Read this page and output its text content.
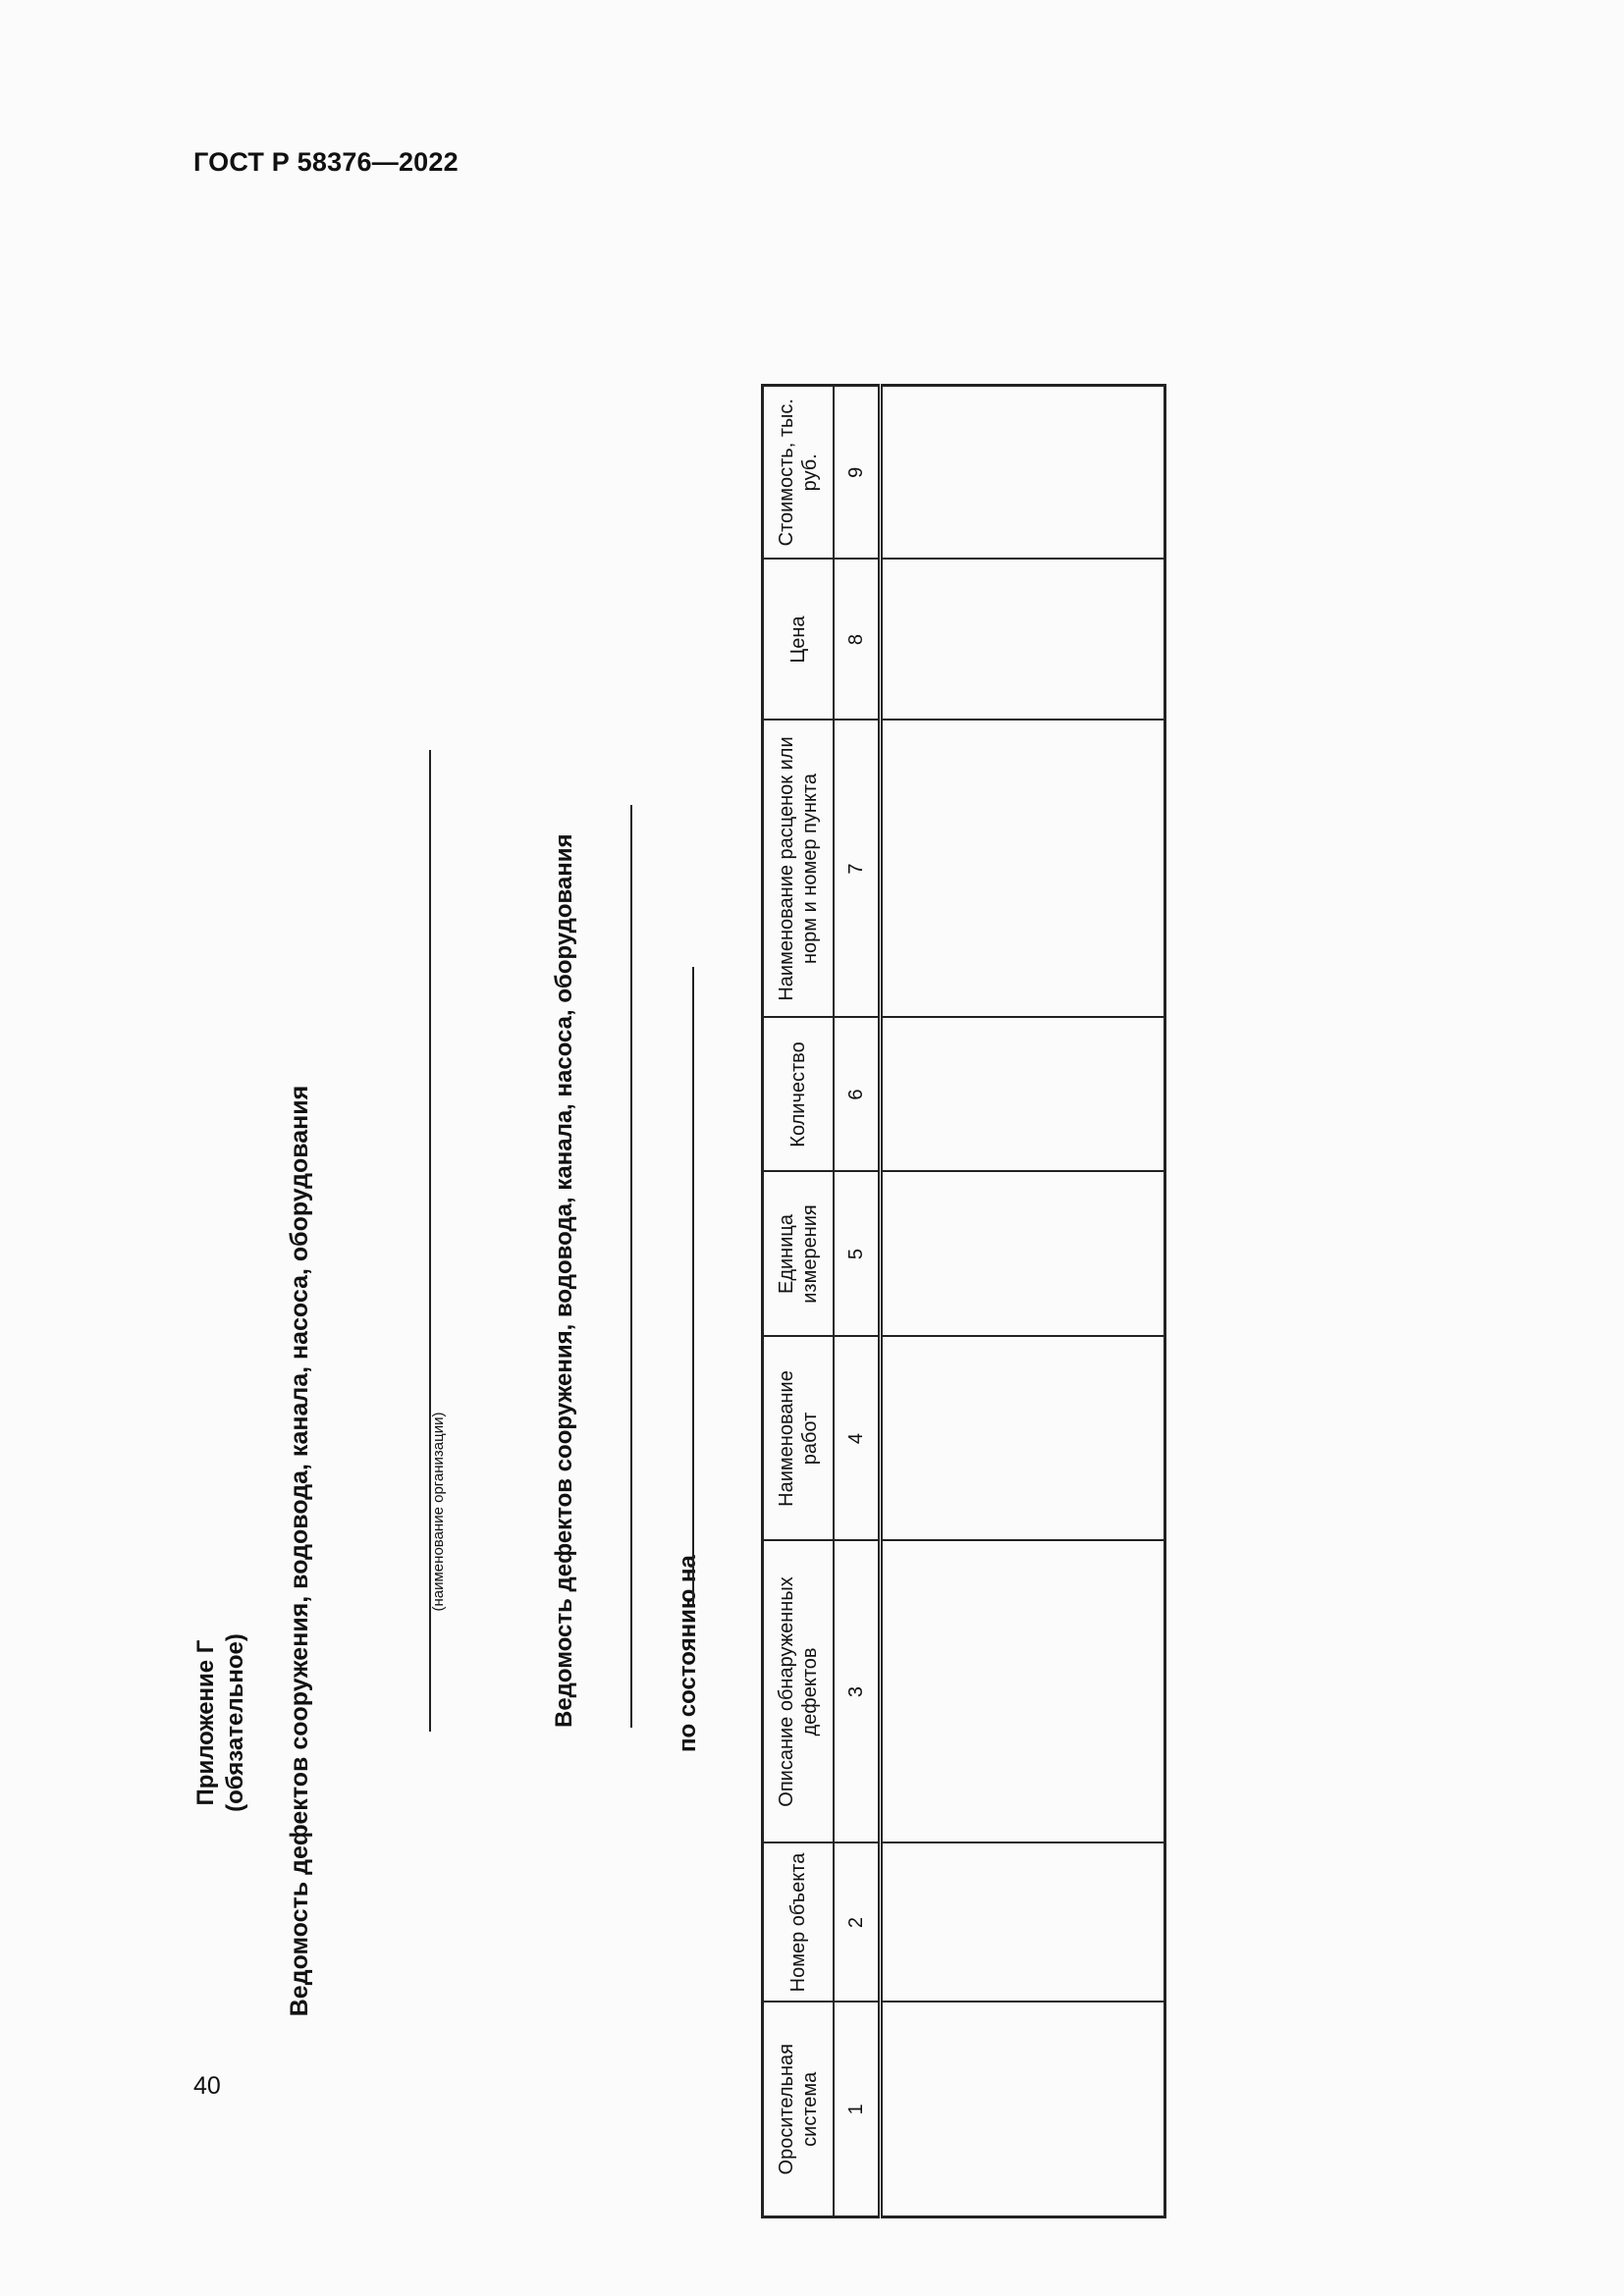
ГОСТ Р 58376—2022
Приложение Г (обязательное) Ведомость дефектов сооружения, водовода, канала, насоса, оборудования	(наименование организации)	Ведомость дефектов сооружения, водовода, канала, насоса, оборудования	по состоянию на
Оросительная система	Номер объекта	Описание обнаруженных дефектов	Наименование работ	Единица измерения	Количество	Наименование расценок или норм и номер пункта	Цена	Стоимость, тыс. руб.
1	2	3	4	5	6	7	8	9

40
